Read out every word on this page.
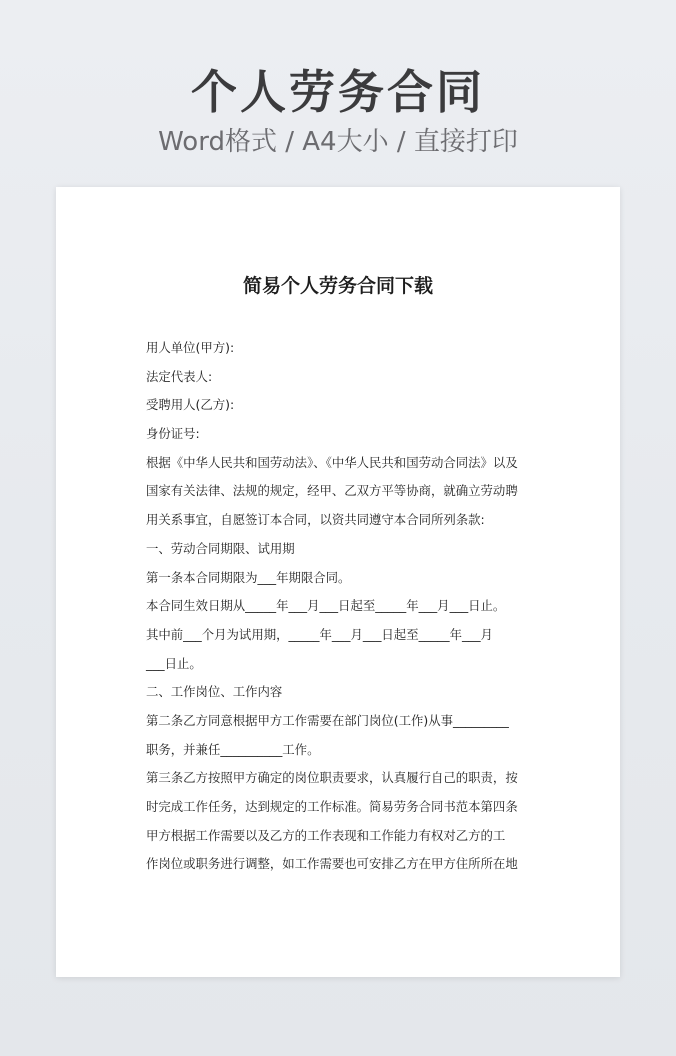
个人劳务合同
Word格式 / A4大小 / 直接打印
简易个人劳务合同下载
用人单位(甲方):
法定代表人:
受聘用人(乙方):
身份证号:
根据《中华人民共和国劳动法》、《中华人民共和国劳动合同法》以及
国家有关法律、法规的规定，经甲、乙双方平等协商，就确立劳动聘
用关系事宜，自愿签订本合同，以资共同遵守本合同所列条款:
一、劳动合同期限、试用期
第一条本合同期限为___年期限合同。
本合同生效日期从_____年___月___日起至_____年___月___日止。
其中前___个月为试用期，_____年___月___日起至_____年___月
___日止。
二、工作岗位、工作内容
第二条乙方同意根据甲方工作需要在部门岗位(工作)从事_________
职务，并兼任__________工作。
第三条乙方按照甲方确定的岗位职责要求，认真履行自己的职责，按
时完成工作任务，达到规定的工作标准。简易劳务合同书范本第四条
甲方根据工作需要以及乙方的工作表现和工作能力有权对乙方的工
作岗位或职务进行调整，如工作需要也可安排乙方在甲方住所所在地
